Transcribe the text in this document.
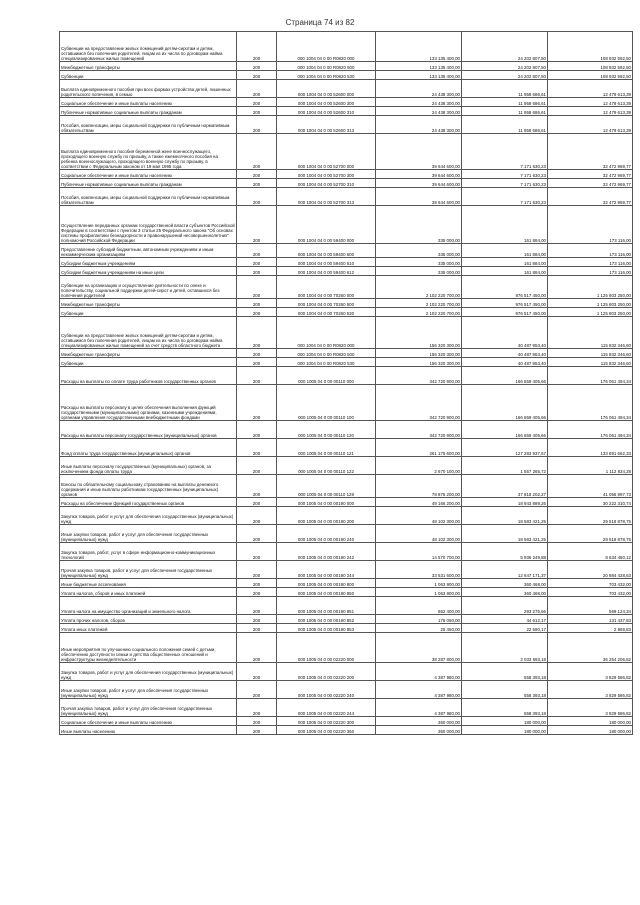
Страница 74 из 82
Субвенции на предоставление жилых помещений детям-сиротам и детям, оставшимся без попечения родителей, лицам из их числа по договорам найма специализированных жилых помещений	200	000 1004 04 0 00 R0820 000	133 135 400,00	24 202 807,50	108 932 592,50
Межбюджетные трансферты	200	000 1004 04 0 00 R0820 500	133 135 400,00	24 202 807,50	108 932 592,50
Субвенции	200	000 1004 04 0 00 R0820 530	133 135 400,00	24 202 807,50	108 932 592,50
Выплата единовременного пособия при всех формах устройства детей, лишенных родительского попечения, в семью	200	000 1004 04 0 00 52600 000	24 438 300,00	11 958 686,61	12 479 613,39
Социальное обеспечение и иные выплаты населению	200	000 1004 04 0 00 52600 300	24 438 300,00	11 958 686,61	12 479 613,39
Публичные нормативные социальные выплаты гражданам	200	000 1004 04 0 00 52600 310	24 438 300,00	11 958 686,61	12 479 613,39
Пособия, компенсации, меры социальной поддержки по публичным нормативным обязательствам	200	000 1004 04 0 00 52600 313	24 438 300,00	11 958 686,61	12 479 613,39
Выплата единовременного пособия беременной жене военнослужащего, проходящего военную службу по призыву, а также ежемесячного пособия на ребенка военнослужащего, проходящего военную службу по призыву, в соответствии с Федеральным законом от 19 мая 1995 года	200	000 1004 04 0 00 52700 000	39 644 600,00	7 171 630,23	32 472 969,77
Социальное обеспечение и иные выплаты населению	200	000 1004 04 0 00 52700 300	39 644 600,00	7 171 630,23	32 472 969,77
Публичные нормативные социальные выплаты гражданам	200	000 1004 04 0 00 52700 310	39 644 600,00	7 171 630,23	32 472 969,77
Пособия, компенсации, меры социальной поддержки по публичным нормативным обязательствам	200	000 1004 04 0 00 52700 313	39 644 600,00	7 171 630,23	32 472 969,77
Осуществление переданных органам государственной власти субъектов Российской Федерации в соответствии с пунктом 3 статьи 25 Федерального закона "Об основах системы профилактики безнадзорности и правонарушений несовершеннолетних" полномочий Российской Федерации	200	000 1004 04 0 00 59400 000	335 000,00	161 884,00	173 116,00
Предоставление субсидий бюджетным, автономным учреждениям и иным некоммерческим организациям	200	000 1004 04 0 00 59400 600	335 000,00	161 884,00	173 116,00
Субсидии бюджетным учреждениям	200	000 1004 04 0 00 59400 610	335 000,00	161 884,00	173 116,00
Субсидии бюджетным учреждениям на иные цели	200	000 1004 04 0 00 59400 612	335 000,00	161 884,00	173 116,00
Субвенции на организацию и осуществление деятельности по опеке и попечительству, социальной поддержки детей-сирот и детей, оставшихся без попечения родителей	200	000 1004 04 0 00 70260 000	2 102 220 700,00	976 517 450,00	1 125 803 250,00
Межбюджетные трансферты	200	000 1004 04 0 00 70260 500	2 102 220 700,00	976 517 450,00	1 125 803 250,00
Субвенции	200	000 1004 04 0 00 70260 530	2 102 220 700,00	976 517 450,00	1 125 803 250,00
Субвенции на предоставление жилых помещений детям-сиротам и детям, оставшимся без попечения родителей, лицам из их числа по договорам найма специализированных жилых помещений за счет средств областного бюджета	200	000 1004 04 0 00 R0820 000	156 320 300,00	40 487 953,40	115 832 346,60
Межбюджетные трансферты	200	000 1004 04 0 00 R0820 500	156 320 300,00	40 487 953,40	115 832 346,60
Субвенции	200	000 1004 04 0 00 R0820 530	156 320 300,00	40 487 953,40	115 832 346,60
Расходы на выплаты по оплате труда работников государственных органов	200	000 1005 04 0 00 00110 000	342 720 900,00	166 659 405,66	176 061 494,34
Расходы на выплаты персоналу в целях обеспечения выполнения функций государственными (муниципальными) органами, казенными учреждениями, органами управления государственными внебюджетными фондами	200	000 1005 04 0 00 00110 100	342 720 900,00	166 659 405,66	176 061 494,34
Расходы на выплаты персоналу государственных (муниципальных) органов	200	000 1005 04 0 00 00110 120	342 720 900,00	166 659 405,66	176 061 494,34
Фонд оплаты труда государственных (муниципальных) органов	200	000 1005 04 0 00 00110 121	261 175 600,00	127 283 937,67	133 891 662,33
Иные выплаты персоналу государственных (муниципальных) органов, за исключением фонда оплаты труда	200	000 1005 04 0 00 00110 122	2 670 100,00	1 557 265,72	1 112 834,28
Взносы по обязательному социальному страхованию на выплаты денежного содержания и иные выплаты работникам государственных (муниципальных) органов	200	000 1005 04 0 00 00110 129	78 875 200,00	37 818 202,27	41 056 997,73
Расходы на обеспечение функций государственных органов	200	000 1005 04 0 00 00190 000	49 166 200,00	18 943 889,26	30 222 310,74
Закупка товаров, работ и услуг для обеспечения государственных (муниципальных) нужд	200	000 1005 04 0 00 00190 200	48 102 300,00	18 583 421,25	29 518 878,75
Иные закупки товаров, работ и услуг для обеспечения государственных (муниципальных) нужд	200	000 1005 04 0 00 00190 240	48 102 300,00	18 583 421,25	29 518 878,75
Закупка товаров, работ, услуг в сфере информационно-коммуникационных технологий	200	000 1005 04 0 00 00190 242	14 570 700,00	5 936 249,88	8 634 450,12
Прочая закупка товаров, работ и услуг для обеспечения государственных (муниципальных) нужд	200	000 1005 04 0 00 00190 244	33 531 600,00	12 647 171,37	20 884 428,63
Иные бюджетные ассигнования	200	000 1005 04 0 00 00190 800	1 063 900,00	360 468,00	703 432,00
Уплата налогов, сборов и иных платежей	200	000 1005 04 0 00 00190 850	1 063 900,00	360 468,00	703 432,00
Уплата налога на имущество организаций и земельного налога	200	000 1005 04 0 00 00190 851	862 400,00	293 275,66	569 124,34
Уплата прочих налогов, сборов	200	000 1005 04 0 00 00190 852	176 050,00	44 612,17	131 437,83
Уплата иных платежей	200	000 1005 04 0 00 00190 853	25 450,00	22 580,17	2 869,83
Иные мероприятия по улучшению социального положения семей с детьми, обеспечению доступности семьи и детства общественных отношений и инфраструктуры жизнедеятельности	200	000 1005 04 0 00 02220 000	38 287 800,00	2 033 593,18	36 254 206,82
Закупка товаров, работ и услуг для обеспечения государственных (муниципальных) нужд	200	000 1005 04 0 00 02220 200	4 387 980,00	558 393,18	3 829 586,82
Иные закупки товаров, работ и услуг для обеспечения государственных (муниципальных) нужд	200	000 1005 04 0 00 02220 240	4 387 980,00	558 393,18	3 829 586,82
Прочая закупка товаров, работ и услуг для обеспечения государственных (муниципальных) нужд	200	000 1005 04 0 00 02220 244	4 387 980,00	558 393,18	3 829 586,82
Социальное обеспечение и иные выплаты населению	200	000 1005 04 0 00 02220 300	360 000,00	180 000,00	180 000,00
Иные выплаты населению	200	000 1005 04 0 00 02220 360	360 000,00	180 000,00	180 000,00
